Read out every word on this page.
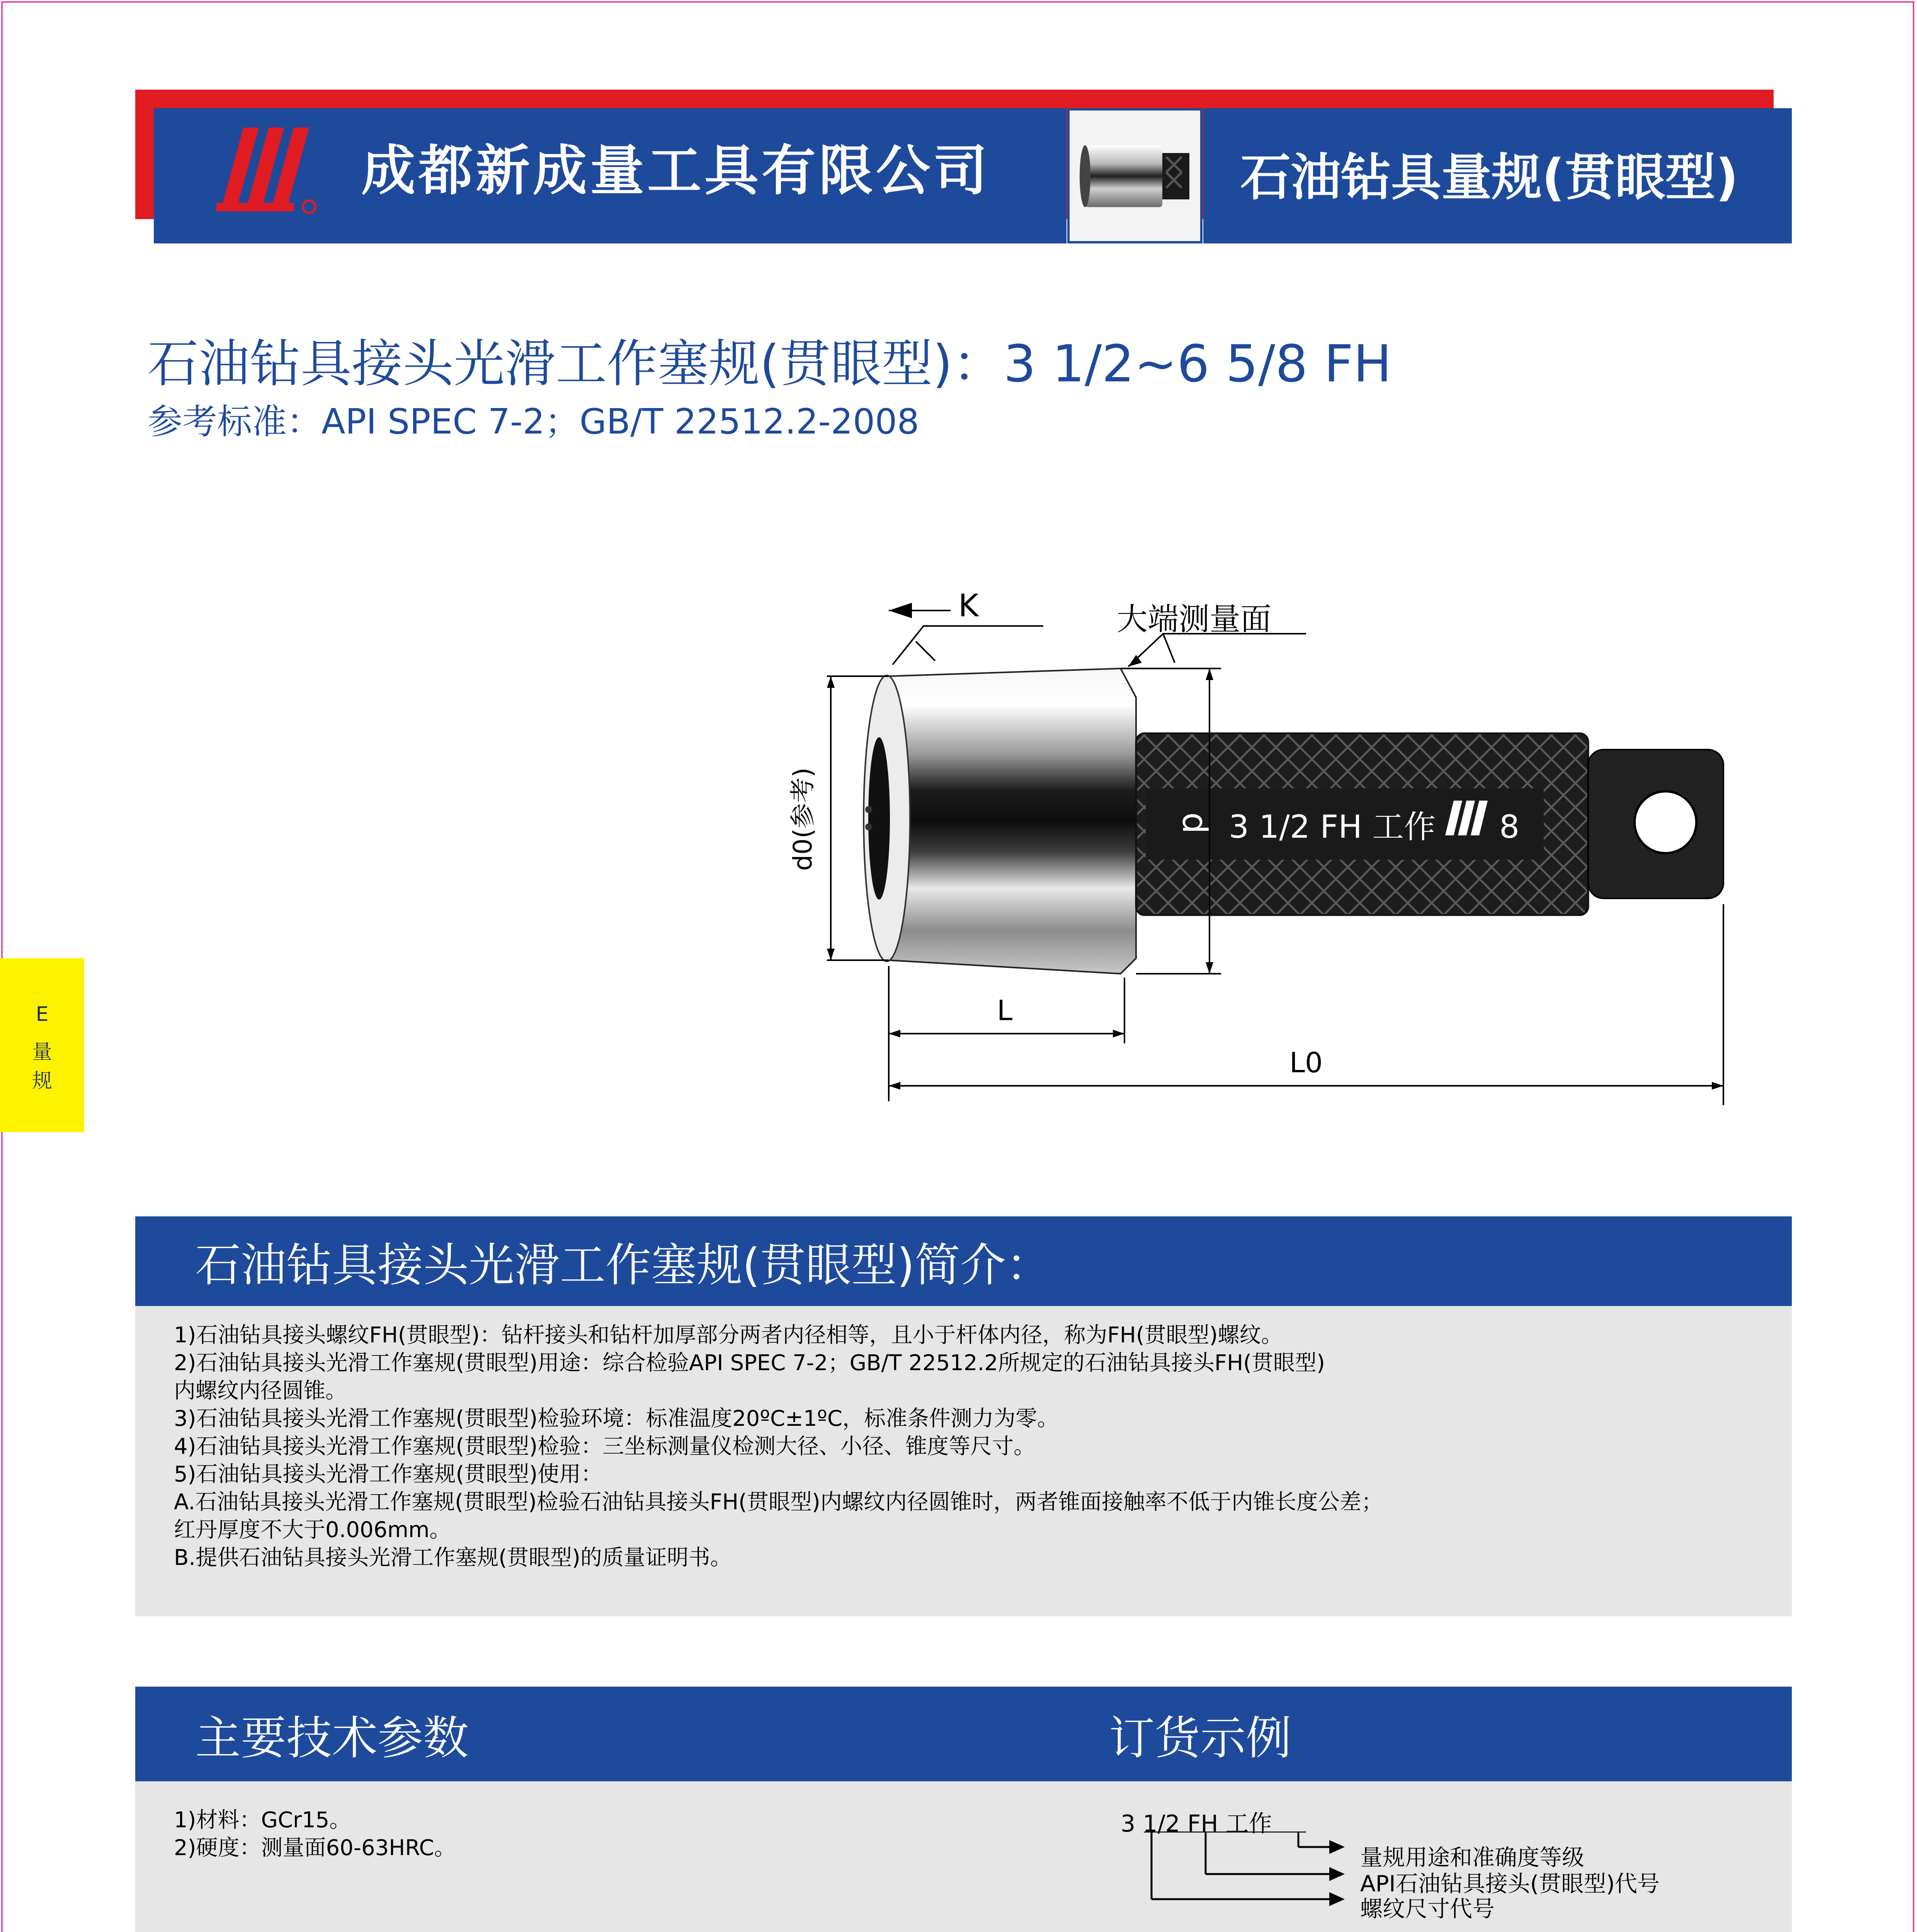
成都新成量工具有限公司	石油钻具量规(贯眼型)
石油钻具接头光滑工作塞规(贯眼型)：3 1/2~6 5/8 FH
参考标准：API SPEC 7-2；GB/T 22512.2-2008
E
量
规
d 3 1/2 FH 工作 8
K	大端测量面
d0(参考)
L
L0
石油钻具接头光滑工作塞规(贯眼型)简介：
1)石油钻具接头螺纹FH(贯眼型)：钻杆接头和钻杆加厚部分两者内径相等，且小于杆体内径，称为FH(贯眼型)螺纹。
2)石油钻具接头光滑工作塞规(贯眼型)用途：综合检验API SPEC 7-2；GB/T 22512.2所规定的石油钻具接头FH(贯眼型)
内螺纹内径圆锥。
3)石油钻具接头光滑工作塞规(贯眼型)检验环境：标准温度20ºC±1ºC，标准条件测力为零。
4)石油钻具接头光滑工作塞规(贯眼型)检验：三坐标测量仪检测大径、小径、锥度等尺寸。
5)石油钻具接头光滑工作塞规(贯眼型)使用：
A.石油钻具接头光滑工作塞规(贯眼型)检验石油钻具接头FH(贯眼型)内螺纹内径圆锥时，两者锥面接触率不低于内锥长度公差；
红丹厚度不大于0.006mm。
B.提供石油钻具接头光滑工作塞规(贯眼型)的质量证明书。
主要技术参数	订货示例
1)材料：GCr15。
2)硬度：测量面60-63HRC。
3 1/2 FH 工作
量规用途和准确度等级
API石油钻具接头(贯眼型)代号
螺纹尺寸代号
